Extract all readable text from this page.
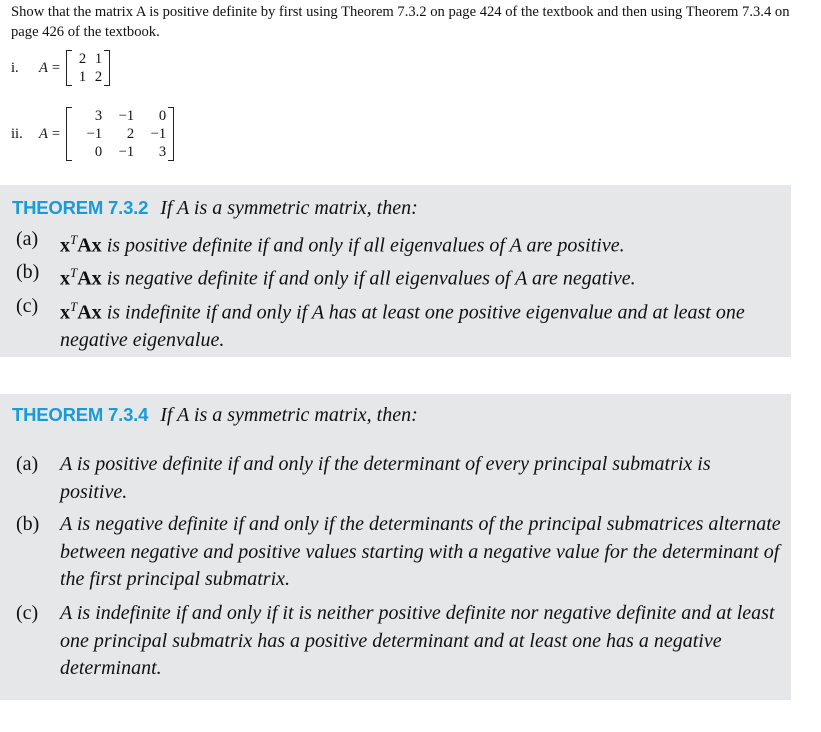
Show that the matrix A is positive definite by first using Theorem 7.3.2 on page 424 of the textbook and then using Theorem 7.3.4 on page 426 of the textbook.
i.	A =
2	1
1	2
ii.	A =
3	−1	0
−1	2	−1
0	−1	3
THEOREM 7.3.2 If A is a symmetric matrix, then:
(a)	$x^TAx$ is positive definite if and only if all eigenvalues of A are positive.
(b)	$x^TAx$ is negative definite if and only if all eigenvalues of A are negative.
(c)	$x^TAx$ is indefinite if and only if A has at least one positive eigenvalue and at least one negative eigenvalue.
THEOREM 7.3.4 If A is a symmetric matrix, then:
(a)	A is positive definite if and only if the determinant of every principal submatrix is positive.
(b)	A is negative definite if and only if the determinants of the principal submatrices alternate between negative and positive values starting with a negative value for the determinant of the first principal submatrix.
(c)	A is indefinite if and only if it is neither positive definite nor negative definite and at least one principal submatrix has a positive determinant and at least one has a negative determinant.
